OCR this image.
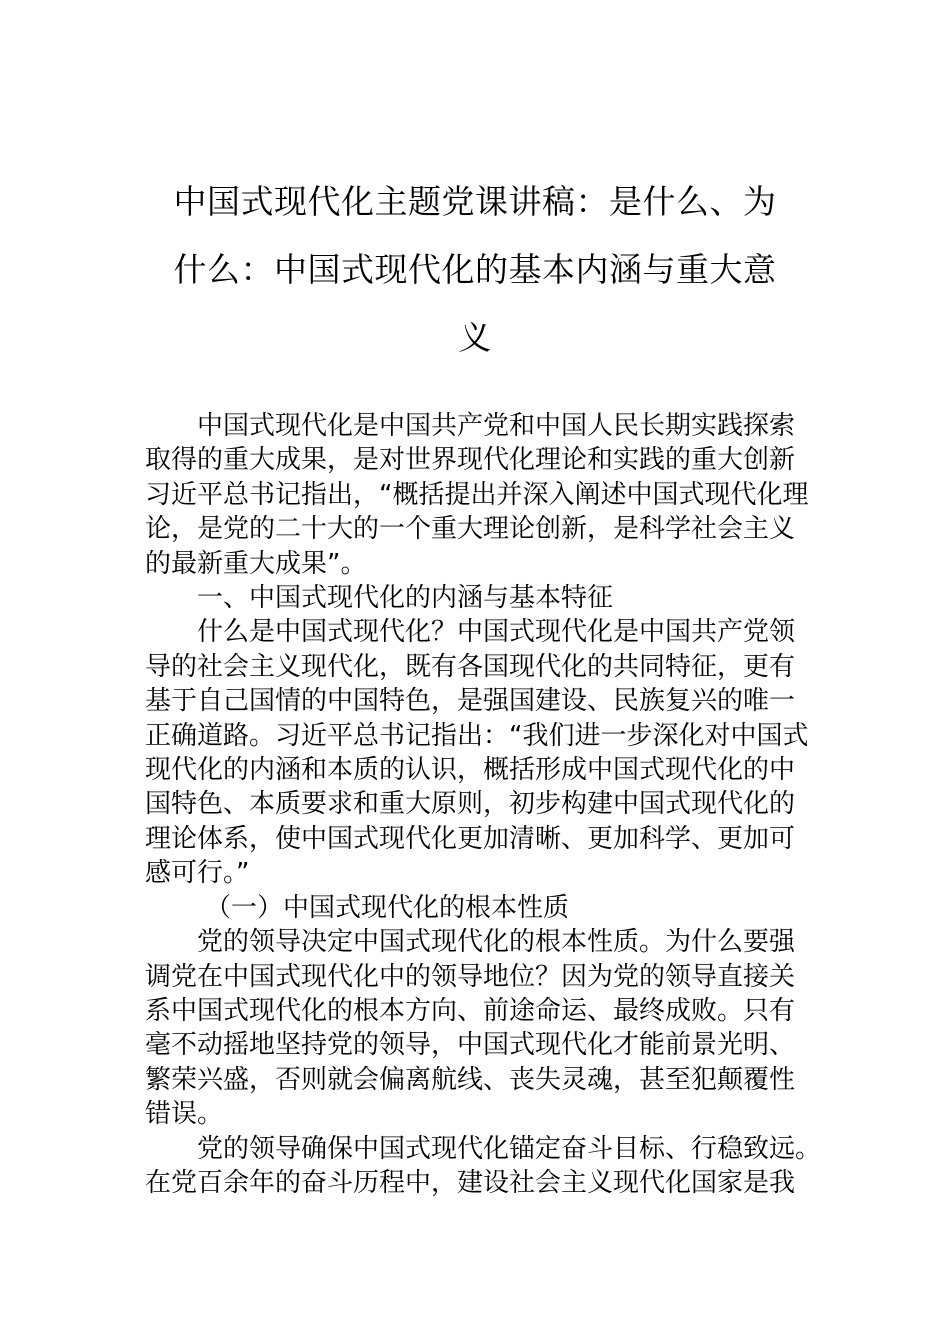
中国式现代化主题党课讲稿：是什么、为
什么：中国式现代化的基本内涵与重大意
义

中国式现代化是中国共产党和中国人民长期实践探索
取得的重大成果，是对世界现代化理论和实践的重大创新
习近平总书记指出，“概括提出并深入阐述中国式现代化理
论，是党的二十大的一个重大理论创新，是科学社会主义
的最新重大成果”。

一、中国式现代化的内涵与基本特征

什么是中国式现代化？中国式现代化是中国共产党领
导的社会主义现代化，既有各国现代化的共同特征，更有
基于自己国情的中国特色，是强国建设、民族复兴的唯一
正确道路。习近平总书记指出：“我们进一步深化对中国式
现代化的内涵和本质的认识，概括形成中国式现代化的中
国特色、本质要求和重大原则，初步构建中国式现代化的
理论体系，使中国式现代化更加清晰、更加科学、更加可
感可行。”

（一）中国式现代化的根本性质

党的领导决定中国式现代化的根本性质。为什么要强
调党在中国式现代化中的领导地位？因为党的领导直接关
系中国式现代化的根本方向、前途命运、最终成败。只有
毫不动摇地坚持党的领导，中国式现代化才能前景光明、
繁荣兴盛，否则就会偏离航线、丧失灵魂，甚至犯颠覆性
错误。

党的领导确保中国式现代化锚定奋斗目标、行稳致远。
在党百余年的奋斗历程中，建设社会主义现代化国家是我
